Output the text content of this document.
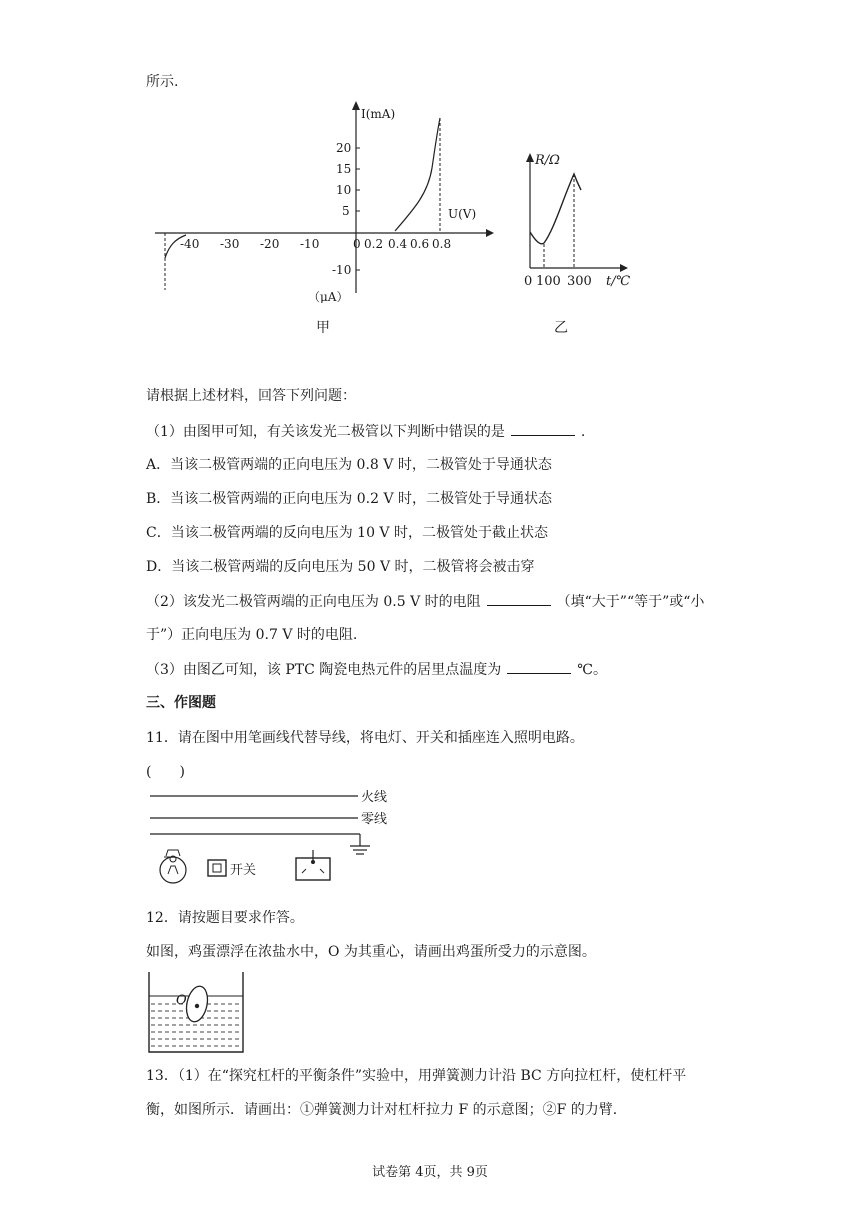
所示.
I(mA)
20
15
10
5
-10
-40 -30 -20 -10	0 0.2 0.4 0.6 0.8
U(V)
（μA）
甲
R/Ω
0 100 300 t/℃
乙
请根据上述材料，回答下列问题：
（1）由图甲可知，有关该发光二极管以下判断中错误的是	.
A．当该二极管两端的正向电压为 0.8 V 时，二极管处于导通状态
B．当该二极管两端的正向电压为 0.2 V 时，二极管处于导通状态
C．当该二极管两端的反向电压为 10 V 时，二极管处于截止状态
D．当该二极管两端的反向电压为 50 V 时，二极管将会被击穿
（2）该发光二极管两端的正向电压为 0.5 V 时的电阻	（填“大于”“等于”或“小
于”）正向电压为 0.7 V 时的电阻.
（3）由图乙可知，该 PTC 陶瓷电热元件的居里点温度为	℃。
三、作图题
11．请在图中用笔画线代替导线，将电灯、开关和插座连入照明电路。
(　　)
火线
零线
开关
12．请按题目要求作答。
如图，鸡蛋漂浮在浓盐水中，O 为其重心，请画出鸡蛋所受力的示意图。
O
13．（1）在“探究杠杆的平衡条件”实验中，用弹簧测力计沿 BC 方向拉杠杆，使杠杆平
衡，如图所示．请画出：①弹簧测力计对杠杆拉力 F 的示意图；②F 的力臂.
试卷第 4页，共 9页
